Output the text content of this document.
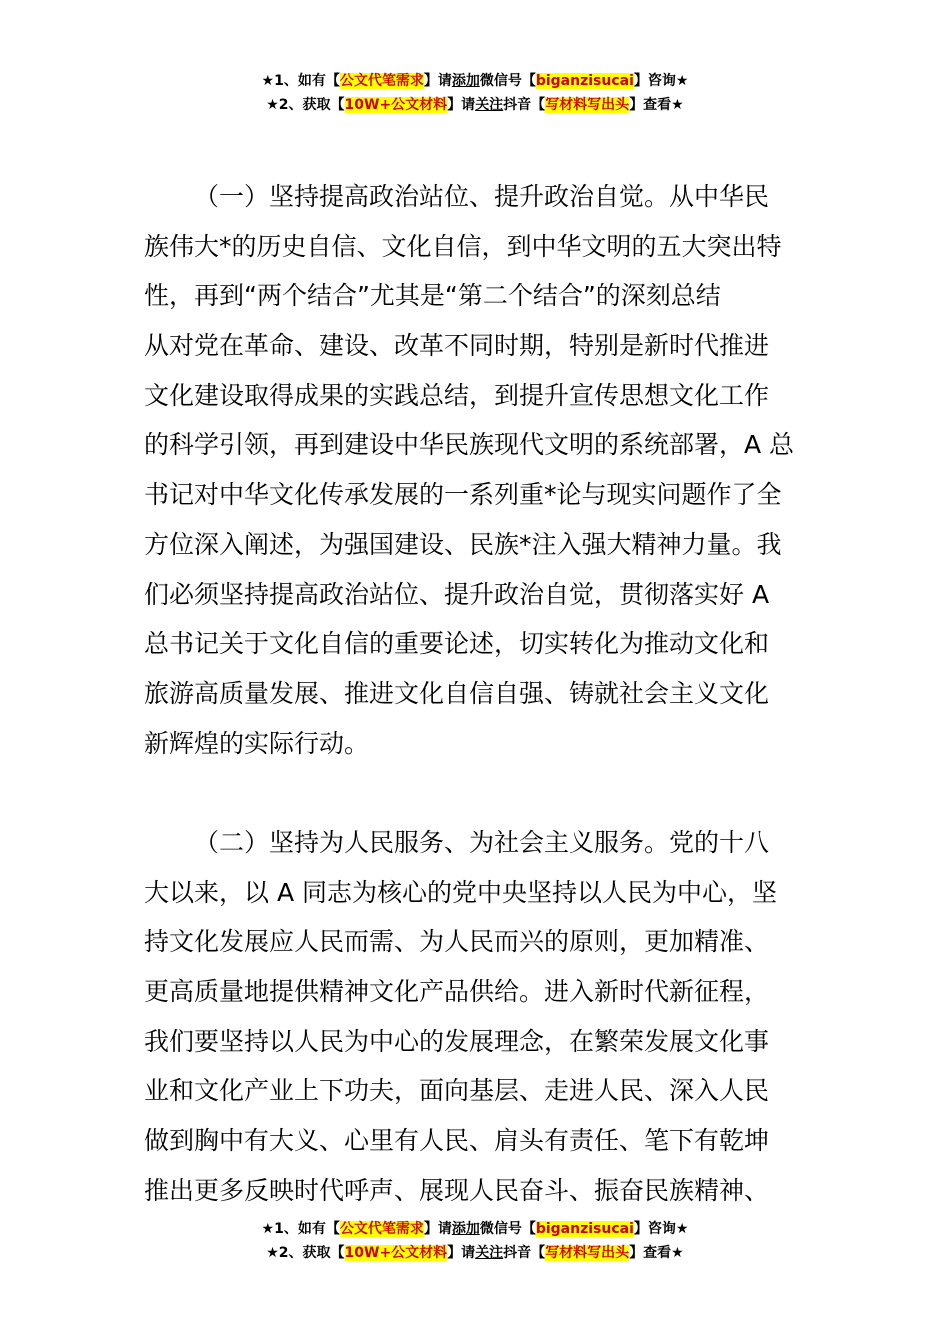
★1、如有【公文代笔需求】请添加微信号【biganzisucai】咨询★
★2、获取【10W+公文材料】请关注抖音【写材料写出头】查看★
（一）坚持提高政治站位、提升政治自觉。从中华民
族伟大*的历史自信、文化自信，到中华文明的五大突出特
性，再到“两个结合”尤其是“第二个结合”的深刻总结
从对党在革命、建设、改革不同时期，特别是新时代推进
文化建设取得成果的实践总结，到提升宣传思想文化工作
的科学引领，再到建设中华民族现代文明的系统部署，A 总
书记对中华文化传承发展的一系列重*论与现实问题作了全
方位深入阐述，为强国建设、民族*注入强大精神力量。我
们必须坚持提高政治站位、提升政治自觉，贯彻落实好 A
总书记关于文化自信的重要论述，切实转化为推动文化和
旅游高质量发展、推进文化自信自强、铸就社会主义文化
新辉煌的实际行动。
（二）坚持为人民服务、为社会主义服务。党的十八
大以来，以 A 同志为核心的党中央坚持以人民为中心，坚
持文化发展应人民而需、为人民而兴的原则，更加精准、
更高质量地提供精神文化产品供给。进入新时代新征程，
我们要坚持以人民为中心的发展理念，在繁荣发展文化事
业和文化产业上下功夫，面向基层、走进人民、深入人民
做到胸中有大义、心里有人民、肩头有责任、笔下有乾坤
推出更多反映时代呼声、展现人民奋斗、振奋民族精神、
★1、如有【公文代笔需求】请添加微信号【biganzisucai】咨询★
★2、获取【10W+公文材料】请关注抖音【写材料写出头】查看★
